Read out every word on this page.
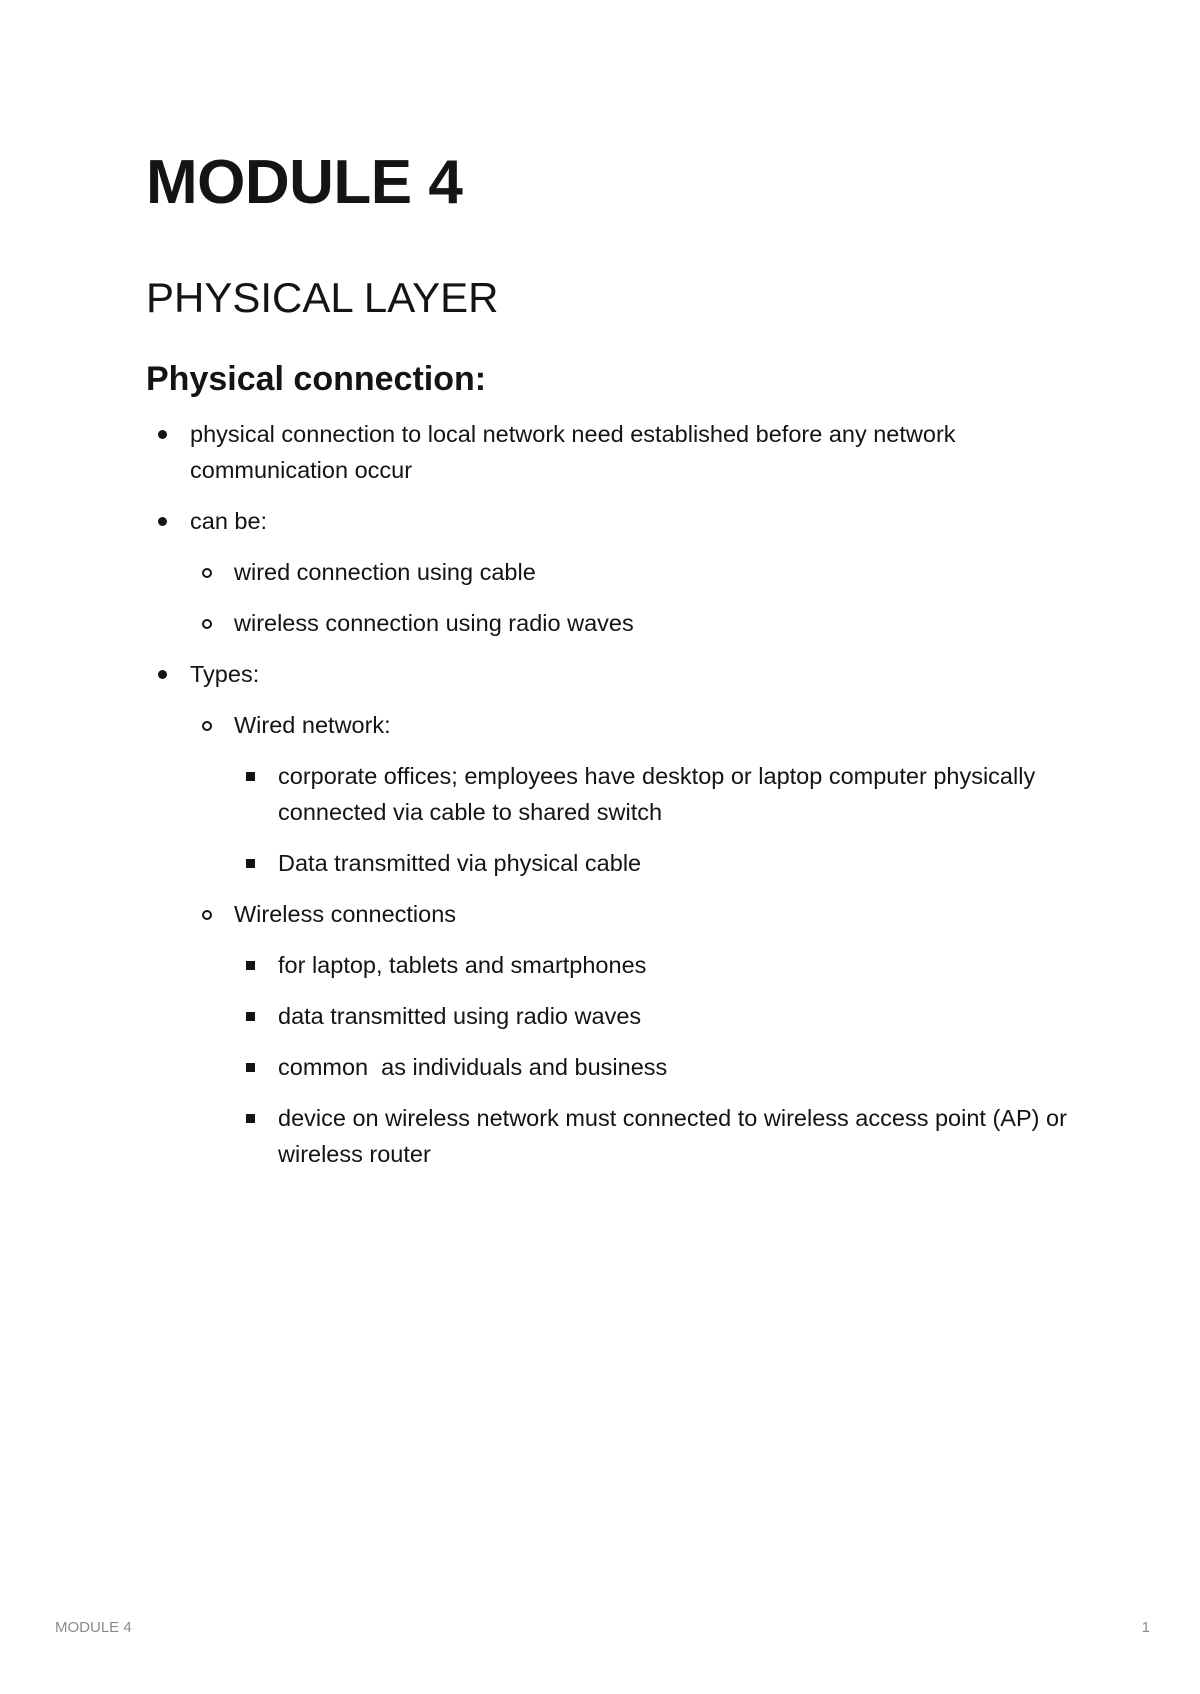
MODULE 4
PHYSICAL LAYER
Physical connection:
physical connection to local network need established before any network communication occur
can be:
wired connection using cable
wireless connection using radio waves
Types:
Wired network:
corporate offices; employees have desktop or laptop computer physically connected via cable to shared switch
Data transmitted via physical cable
Wireless connections
for laptop, tablets and smartphones
data transmitted using radio waves
common  as individuals and business
device on wireless network must connected to wireless access point (AP) or wireless router
MODULE 4	1
